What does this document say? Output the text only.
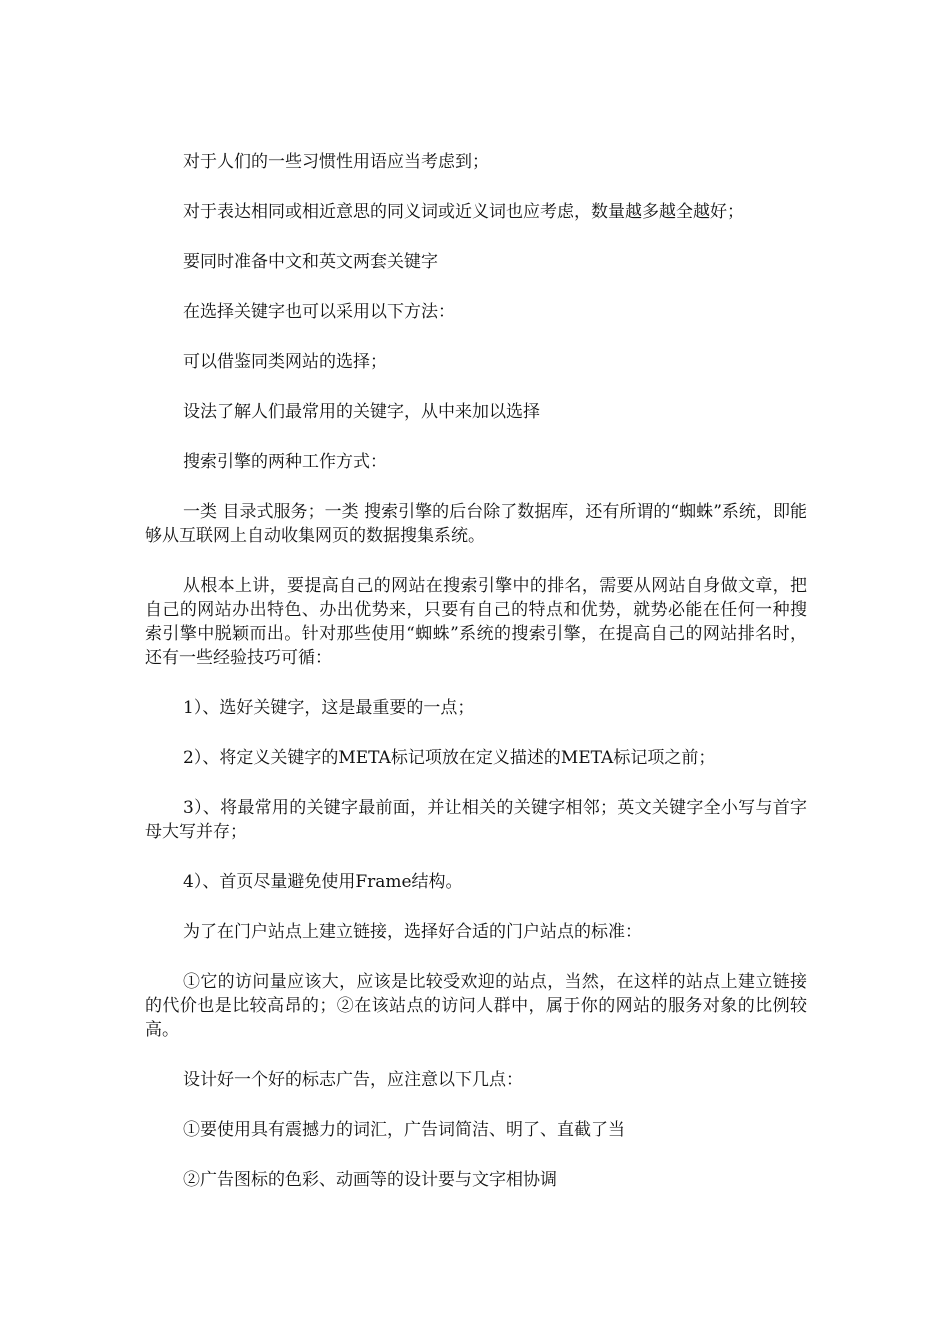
对于人们的一些习惯性用语应当考虑到；

对于表达相同或相近意思的同义词或近义词也应考虑，数量越多越全越好；

要同时准备中文和英文两套关键字

在选择关键字也可以采用以下方法：

可以借鉴同类网站的选择；

设法了解人们最常用的关键字，从中来加以选择

搜索引擎的两种工作方式：

一类 目录式服务；一类 搜索引擎的后台除了数据库，还有所谓的“蜘蛛”系统，即能够从互联网上自动收集网页的数据搜集系统。

从根本上讲，要提高自己的网站在搜索引擎中的排名，需要从网站自身做文章，把自己的网站办出特色、办出优势来，只要有自己的特点和优势，就势必能在任何一种搜索引擎中脱颖而出。针对那些使用“蜘蛛”系统的搜索引擎，在提高自己的网站排名时，还有一些经验技巧可循：

1）、选好关键字，这是最重要的一点；

2）、将定义关键字的META标记项放在定义描述的META标记项之前；

3）、将最常用的关键字最前面，并让相关的关键字相邻；英文关键字全小写与首字母大写并存；

4）、首页尽量避免使用Frame结构。

为了在门户站点上建立链接，选择好合适的门户站点的标准：

①它的访问量应该大，应该是比较受欢迎的站点，当然，在这样的站点上建立链接的代价也是比较高昂的；②在该站点的访问人群中，属于你的网站的服务对象的比例较高。

设计好一个好的标志广告，应注意以下几点：

①要使用具有震撼力的词汇，广告词简洁、明了、直截了当

②广告图标的色彩、动画等的设计要与文字相协调
